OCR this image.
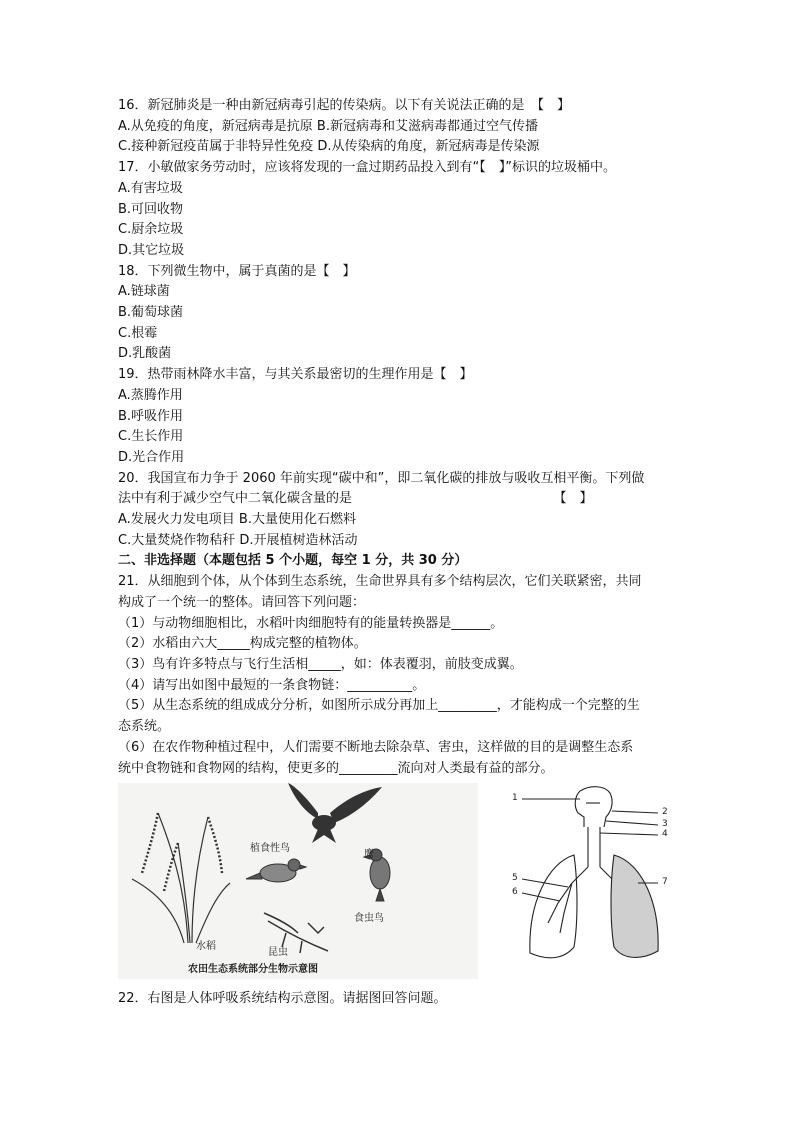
16．新冠肺炎是一种由新冠病毒引起的传染病。以下有关说法正确的是　【　】
A.从免疫的角度，新冠病毒是抗原 B.新冠病毒和艾滋病毒都通过空气传播
C.接种新冠疫苗属于非特异性免疫 D.从传染病的角度，新冠病毒是传染源
17．小敏做家务劳动时，应该将发现的一盒过期药品投入到有“【　】”标识的垃圾桶中。
A.有害垃圾
B.可回收物
C.厨余垃圾
D.其它垃圾
18．下列微生物中，属于真菌的是【　】
A.链球菌
B.葡萄球菌
C.根霉
D.乳酸菌
19．热带雨林降水丰富，与其关系最密切的生理作用是【　】
A.蒸腾作用
B.呼吸作用
C.生长作用
D.光合作用
20．我国宣布力争于 2060 年前实现“碳中和”，即二氧化碳的排放与吸收互相平衡。下列做
法中有利于减少空气中二氧化碳含量的是　　　　　　　　　　　　　　　　【　】
A.发展火力发电项目 B.大量使用化石燃料
C.大量焚烧作物秸秆 D.开展植树造林活动
二、非选择题（本题包括 5 个小题，每空 1 分，共 30 分）
21．从细胞到个体，从个体到生态系统，生命世界具有多个结构层次，它们关联紧密，共同
构成了一个统一的整体。请回答下列问题：
（1）与动物细胞相比，水稻叶肉细胞特有的能量转换器是______。
（2）水稻由六大_____构成完整的植物体。
（3）鸟有许多特点与飞行生活相_____，如：体表覆羽，前肢变成翼。
（4）请写出如图中最短的一条食物链：__________。
（5）从生态系统的组成成分分析，如图所示成分再加上_________，才能构成一个完整的生
态系统。
（6）在农作物种植过程中，人们需要不断地去除杂草、害虫，这样做的目的是调整生态系
统中食物链和食物网的结构，使更多的_________流向对人类最有益的部分。
鹰
植食性鸟
食虫鸟
水稻
昆虫
农田生态系统部分生物示意图
1
2
3
4
5
6
7
22．右图是人体呼吸系统结构示意图。请据图回答问题。
